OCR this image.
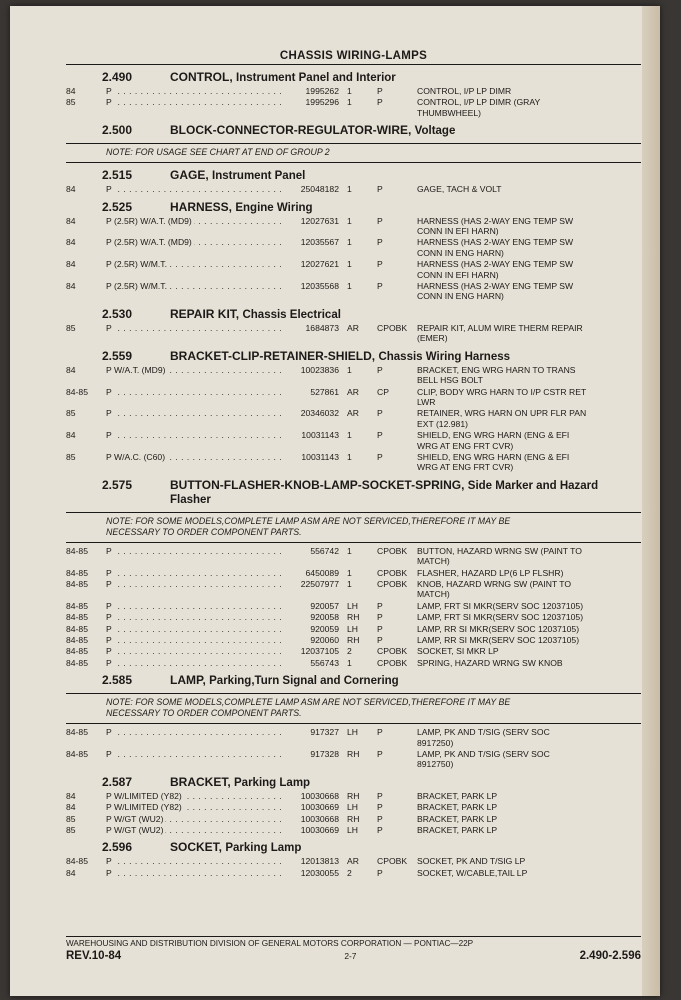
CHASSIS WIRING-LAMPS
2.490	CONTROL, Instrument Panel and Interior
84	P . . .	1995262 1	P	CONTROL, I/P LP DIMR
85	P . . .	1995296 1	P	CONTROL, I/P LP DIMR (GRAY
THUMBWHEEL)
2.500	BLOCK-CONNECTOR-REGULATOR-WIRE, Voltage
NOTE: FOR USAGE SEE CHART AT END OF GROUP 2
2.515	GAGE, Instrument Panel
84	P . . .	25048182 1	P	GAGE, TACH & VOLT
2.525	HARNESS, Engine Wiring
84	P (2.5R) W/A.T. (MD9) . . .	12027631 1	P	HARNESS (HAS 2-WAY ENG TEMP SW
CONN IN EFI HARN)
84	P (2.5R) W/A.T. (MD9) . . .	12035567 1	P	HARNESS (HAS 2-WAY ENG TEMP SW
CONN IN ENG HARN)
84	P (2.5R) W/M.T. . . .	12027621 1	P	HARNESS (HAS 2-WAY ENG TEMP SW
CONN IN EFI HARN)
84	P (2.5R) W/M.T. . . .	12035568 1	P	HARNESS (HAS 2-WAY ENG TEMP SW
CONN IN ENG HARN)
2.530	REPAIR KIT, Chassis Electrical
85	P . . .	1684873 AR	CPOBK	REPAIR KIT, ALUM WIRE THERM REPAIR
(EMER)
2.559	BRACKET-CLIP-RETAINER-SHIELD, Chassis Wiring Harness
84	P W/A.T. (MD9) . . .	10023836 1	P	BRACKET, ENG WRG HARN TO TRANS
BELL HSG BOLT
84-85	P . . .	527861 AR	CP	CLIP, BODY WRG HARN TO I/P CSTR RET
LWR
85	P . . .	20346032 AR	P	RETAINER, WRG HARN ON UPR FLR PAN
EXT (12.981)
84	P . . .	10031143 1	P	SHIELD, ENG WRG HARN (ENG & EFI
WRG AT ENG FRT CVR)
85	P W/A.C. (C60) . . .	10031143 1	P	SHIELD, ENG WRG HARN (ENG & EFI
WRG AT ENG FRT CVR)
2.575	BUTTON-FLASHER-KNOB-LAMP-SOCKET-SPRING, Side Marker and Hazard Flasher
NOTE: FOR SOME MODELS,COMPLETE LAMP ASM ARE NOT SERVICED,THEREFORE IT MAY BE
NECESSARY TO ORDER COMPONENT PARTS.
84-85	P . . .	556742 1	CPOBK	BUTTON, HAZARD WRNG SW (PAINT TO
MATCH)
84-85	P . . .	6450089 1	CPOBK	FLASHER, HAZARD LP(6 LP FLSHR)
84-85	P . . .	22507977 1	CPOBK	KNOB, HAZARD WRNG SW (PAINT TO
MATCH)
84-85	P . . .	920057 LH	P	LAMP, FRT SI MKR(SERV SOC 12037105)
84-85	P . . .	920058 RH	P	LAMP, FRT SI MKR(SERV SOC 12037105)
84-85	P . . .	920059 LH	P	LAMP, RR SI MKR(SERV SOC 12037105)
84-85	P . . .	920060 RH	P	LAMP, RR SI MKR(SERV SOC 12037105)
84-85	P . . .	12037105 2	CPOBK	SOCKET, SI MKR LP
84-85	P . . .	556743 1	CPOBK	SPRING, HAZARD WRNG SW KNOB
2.585	LAMP, Parking,Turn Signal and Cornering
NOTE: FOR SOME MODELS,COMPLETE LAMP ASM ARE NOT SERVICED,THEREFORE IT MAY BE
NECESSARY TO ORDER COMPONENT PARTS.
84-85	P . . .	917327 LH	P	LAMP, PK AND T/SIG (SERV SOC
8917250)
84-85	P . . .	917328 RH	P	LAMP, PK AND T/SIG (SERV SOC
8912750)
2.587	BRACKET, Parking Lamp
84	P W/LIMITED (Y82) . . .	10030668 RH	P	BRACKET, PARK LP
84	P W/LIMITED (Y82) . . .	10030669 LH	P	BRACKET, PARK LP
85	P W/GT (WU2) . . .	10030668 RH	P	BRACKET, PARK LP
85	P W/GT (WU2) . . .	10030669 LH	P	BRACKET, PARK LP
2.596	SOCKET, Parking Lamp
84-85	P . . .	12013813 AR	CPOBK	SOCKET, PK AND T/SIG LP
84	P . . .	12030055 2	P	SOCKET, W/CABLE,TAIL LP
WAREHOUSING AND DISTRIBUTION DIVISION OF GENERAL MOTORS CORPORATION — PONTIAC—22P
REV.10-84	2-7	2.490-2.596
